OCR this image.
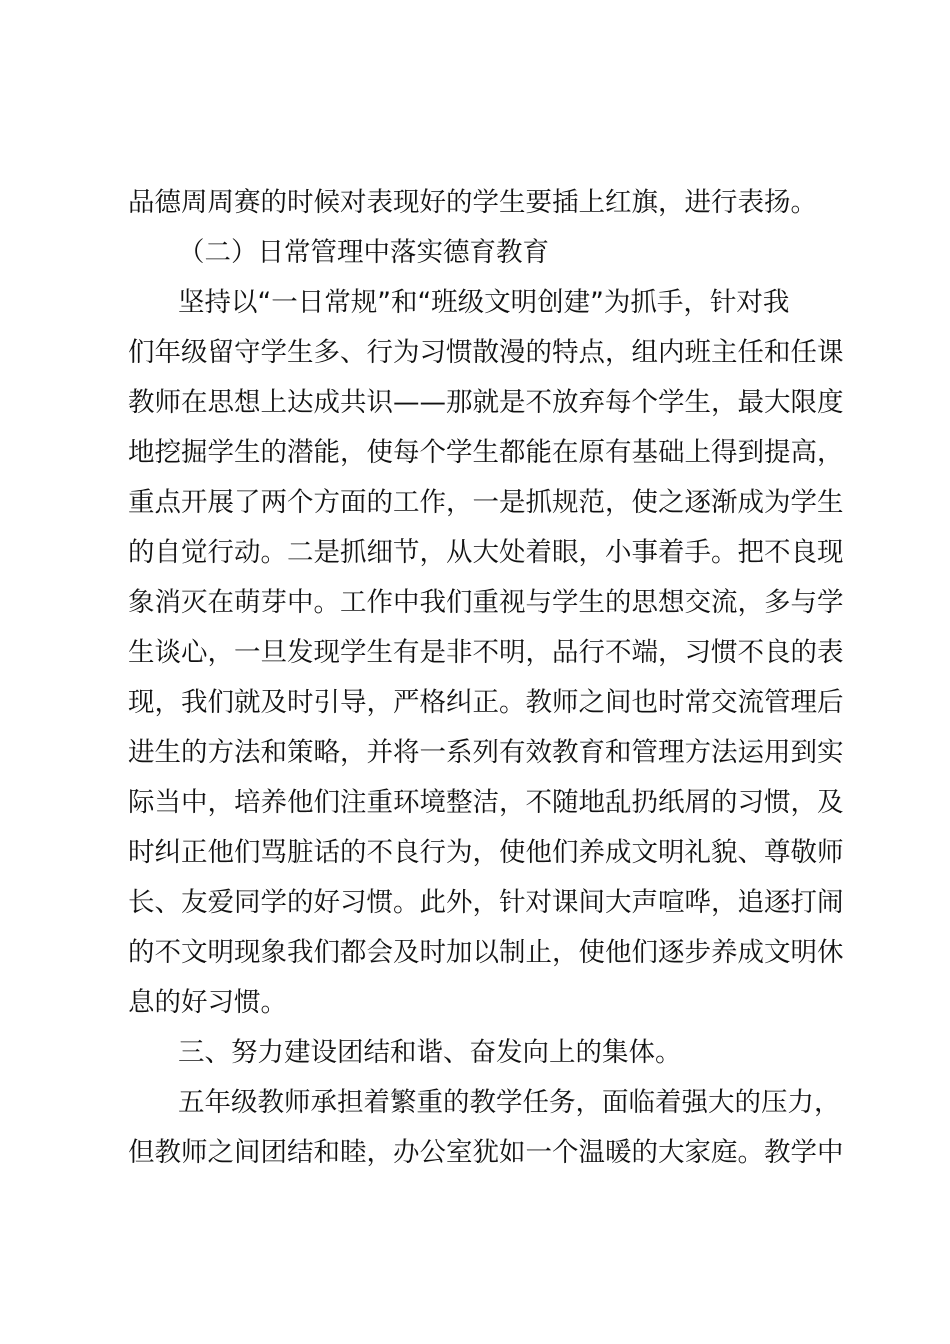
品德周周赛的时候对表现好的学生要插上红旗，进行表扬。
（二）日常管理中落实德育教育
坚持以“一日常规”和“班级文明创建”为抓手，针对我
们年级留守学生多、行为习惯散漫的特点，组内班主任和任课
教师在思想上达成共识——那就是不放弃每个学生，最大限度
地挖掘学生的潜能，使每个学生都能在原有基础上得到提高，
重点开展了两个方面的工作，一是抓规范，使之逐渐成为学生
的自觉行动。二是抓细节，从大处着眼，小事着手。把不良现
象消灭在萌芽中。工作中我们重视与学生的思想交流，多与学
生谈心，一旦发现学生有是非不明，品行不端，习惯不良的表
现，我们就及时引导，严格纠正。教师之间也时常交流管理后
进生的方法和策略，并将一系列有效教育和管理方法运用到实
际当中，培养他们注重环境整洁，不随地乱扔纸屑的习惯，及
时纠正他们骂脏话的不良行为，使他们养成文明礼貌、尊敬师
长、友爱同学的好习惯。此外，针对课间大声喧哗，追逐打闹
的不文明现象我们都会及时加以制止，使他们逐步养成文明休
息的好习惯。
三、努力建设团结和谐、奋发向上的集体。
五年级教师承担着繁重的教学任务，面临着强大的压力，
但教师之间团结和睦，办公室犹如一个温暖的大家庭。教学中
